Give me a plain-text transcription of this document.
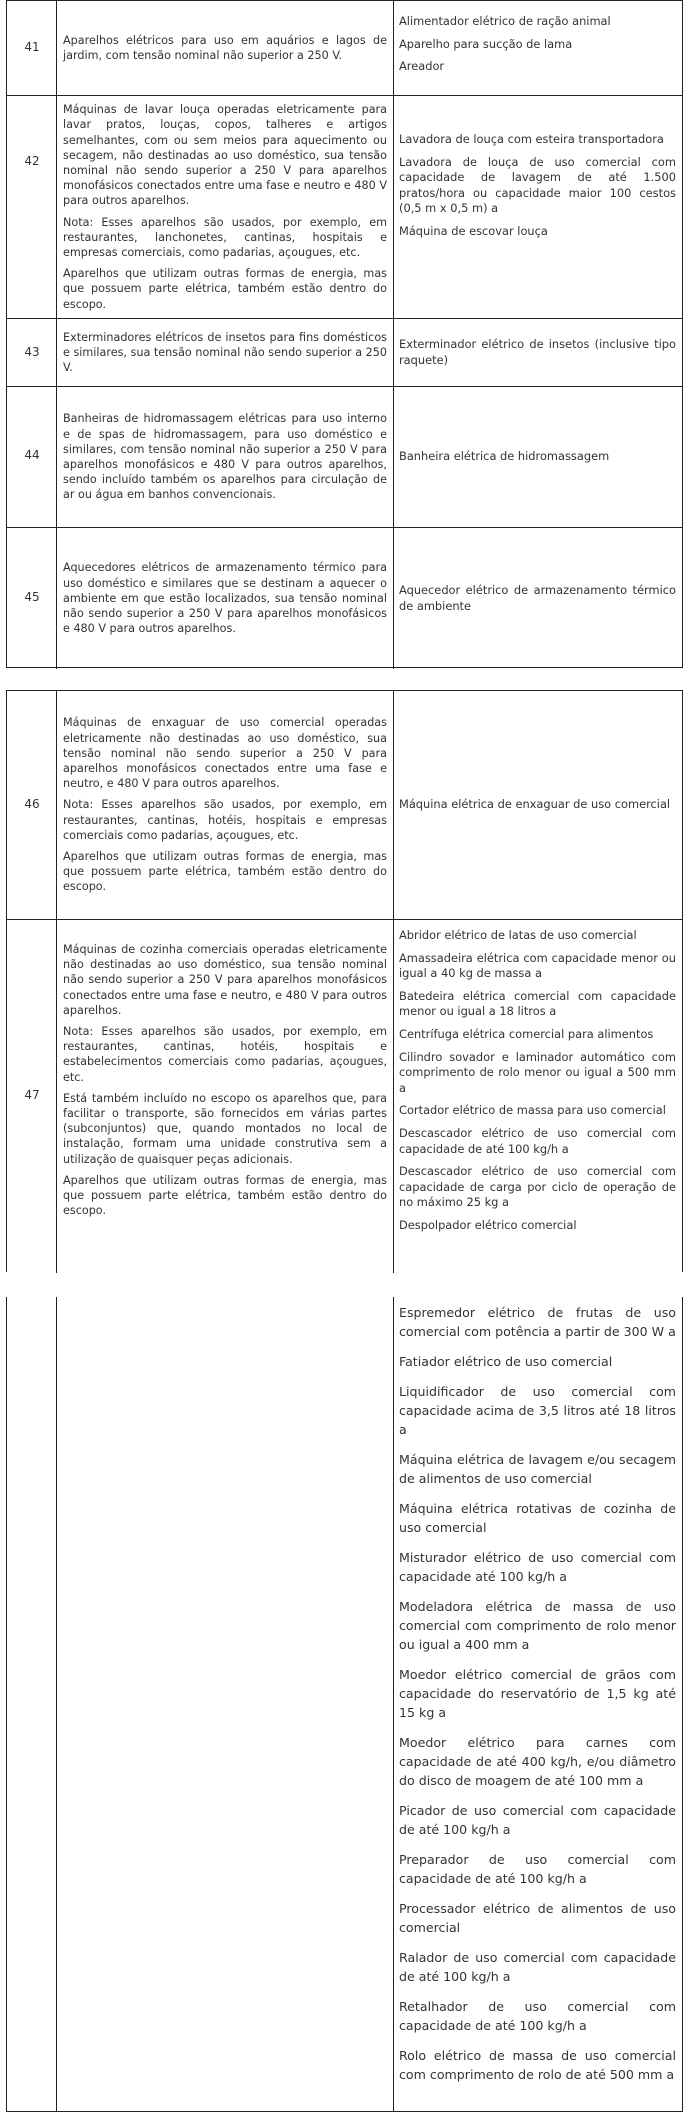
41	Aparelhos elétricos para uso em aquários e lagos de jardim, com tensão nominal não superior a 250 V.

Alimentador elétrico de ração animal
Aparelho para sucção de lama
Areador
42

Máquinas de lavar louça operadas eletricamente para lavar pratos, louças, copos, talheres e artigos semelhantes, com ou sem meios para aquecimento ou secagem, não destinadas ao uso doméstico, sua tensão nominal não sendo superior a 250 V para aparelhos monofásicos conectados entre uma fase e neutro e 480 V para outros aparelhos.

Nota: Esses aparelhos são usados, por exemplo, em restaurantes, lanchonetes, cantinas, hospitais e empresas comerciais, como padarias, açougues, etc.

Aparelhos que utilizam outras formas de energia, mas que possuem parte elétrica, também estão dentro do escopo.

Lavadora de louça com esteira transportadora
Lavadora de louça de uso comercial com capacidade de lavagem de até 1.500 pratos/hora ou capacidade maior 100 cestos (0,5 m x 0,5 m) a
Máquina de escovar louça
43

Exterminadores elétricos de insetos para fins domésticos e similares, sua tensão nominal não sendo superior a 250 V.

Exterminador elétrico de insetos (inclusive tipo raquete)
44

Banheiras de hidromassagem elétricas para uso interno e de spas de hidromassagem, para uso doméstico e similares, com tensão nominal não superior a 250 V para aparelhos monofásicos e 480 V para outros aparelhos, sendo incluído também os aparelhos para circulação de ar ou água em banhos convencionais.

Banheira elétrica de hidromassagem
45

Aquecedores elétricos de armazenamento térmico para uso doméstico e similares que se destinam a aquecer o ambiente em que estão localizados, sua tensão nominal não sendo superior a 250 V para aparelhos monofásicos e 480 V para outros aparelhos.

Aquecedor elétrico de armazenamento térmico de ambiente
46

Máquinas de enxaguar de uso comercial operadas eletricamente não destinadas ao uso doméstico, sua tensão nominal não sendo superior a 250 V para aparelhos monofásicos conectados entre uma fase e neutro, e 480 V para outros aparelhos.

Nota: Esses aparelhos são usados, por exemplo, em restaurantes, cantinas, hotéis, hospitais e empresas comerciais como padarias, açougues, etc.

Aparelhos que utilizam outras formas de energia, mas que possuem parte elétrica, também estão dentro do escopo.

Máquina elétrica de enxaguar de uso comercial
47

Máquinas de cozinha comerciais operadas eletricamente não destinadas ao uso doméstico, sua tensão nominal não sendo superior a 250 V para aparelhos monofásicos conectados entre uma fase e neutro, e 480 V para outros aparelhos.

Nota: Esses aparelhos são usados, por exemplo, em restaurantes, cantinas, hotéis, hospitais e estabelecimentos comerciais como padarias, açougues, etc.

Está também incluído no escopo os aparelhos que, para facilitar o transporte, são fornecidos em várias partes (subconjuntos) que, quando montados no local de instalação, formam uma unidade construtiva sem a utilização de quaisquer peças adicionais.

Aparelhos que utilizam outras formas de energia, mas que possuem parte elétrica, também estão dentro do escopo.

Abridor elétrico de latas de uso comercial
Amassadeira elétrica com capacidade menor ou igual a 40 kg de massa a
Batedeira elétrica comercial com capacidade menor ou igual a 18 litros a
Centrífuga elétrica comercial para alimentos
Cilindro sovador e laminador automático com comprimento de rolo menor ou igual a 500 mm a
Cortador elétrico de massa para uso comercial
Descascador elétrico de uso comercial com capacidade de até 100 kg/h a
Descascador elétrico de uso comercial com capacidade de carga por ciclo de operação de no máximo 25 kg a
Despolpador elétrico comercial
Espremedor elétrico de frutas de uso comercial com potência a partir de 300 W a
Fatiador elétrico de uso comercial
Liquidificador de uso comercial com capacidade acima de 3,5 litros até 18 litros a
Máquina elétrica de lavagem e/ou secagem de alimentos de uso comercial
Máquina elétrica rotativas de cozinha de uso comercial
Misturador elétrico de uso comercial com capacidade até 100 kg/h a
Modeladora elétrica de massa de uso comercial com comprimento de rolo menor ou igual a 400 mm a
Moedor elétrico comercial de grãos com capacidade do reservatório de 1,5 kg até 15 kg a
Moedor elétrico para carnes com capacidade de até 400 kg/h, e/ou diâmetro do disco de moagem de até 100 mm a
Picador de uso comercial com capacidade de até 100 kg/h a
Preparador de uso comercial com capacidade de até 100 kg/h a
Processador elétrico de alimentos de uso comercial
Ralador de uso comercial com capacidade de até 100 kg/h a
Retalhador de uso comercial com capacidade de até 100 kg/h a
Rolo elétrico de massa de uso comercial com comprimento de rolo de até 500 mm a
